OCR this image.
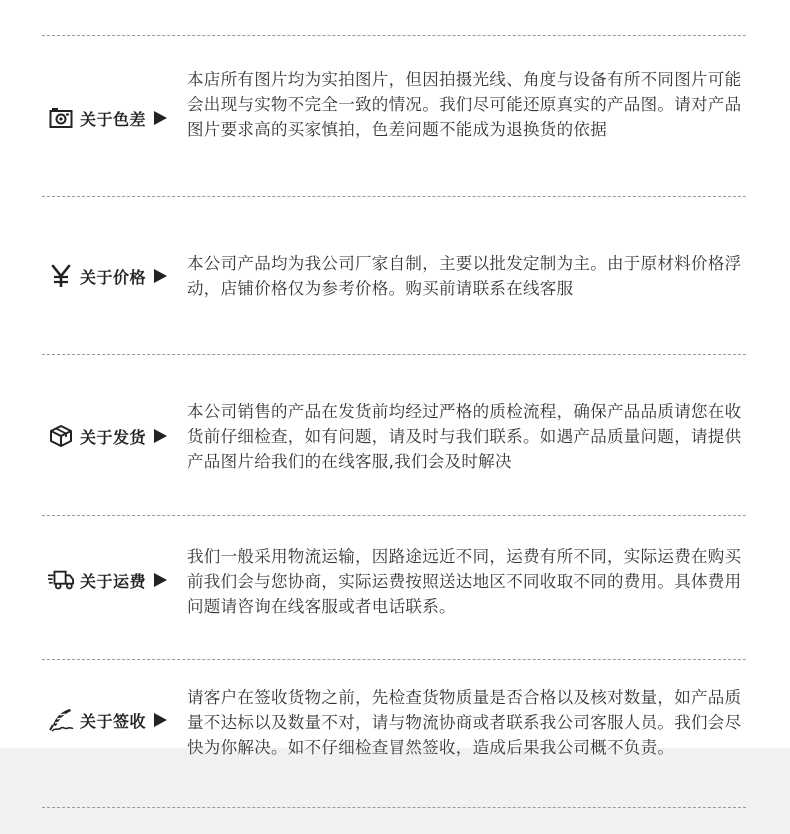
关于色差
本店所有图片均为实拍图片，但因拍摄光线、角度与设备有所不同图片可能会出现与实物不完全一致的情况。我们尽可能还原真实的产品图。请对产品图片要求高的买家慎拍，色差问题不能成为退换货的依据
关于价格
本公司产品均为我公司厂家自制，主要以批发定制为主。由于原材料价格浮动，店铺价格仅为参考价格。购买前请联系在线客服
关于发货
本公司销售的产品在发货前均经过严格的质检流程，确保产品品质请您在收货前仔细检查，如有问题，请及时与我们联系。如遇产品质量问题，请提供产品图片给我们的在线客服,我们会及时解决
关于运费
我们一般采用物流运输，因路途远近不同，运费有所不同，实际运费在购买前我们会与您协商，实际运费按照送达地区不同收取不同的费用。具体费用问题请咨询在线客服或者电话联系。
关于签收
请客户在签收货物之前，先检查货物质量是否合格以及核对数量，如产品质量不达标以及数量不对，请与物流协商或者联系我公司客服人员。我们会尽快为你解决。如不仔细检查冒然签收，造成后果我公司概不负责。
